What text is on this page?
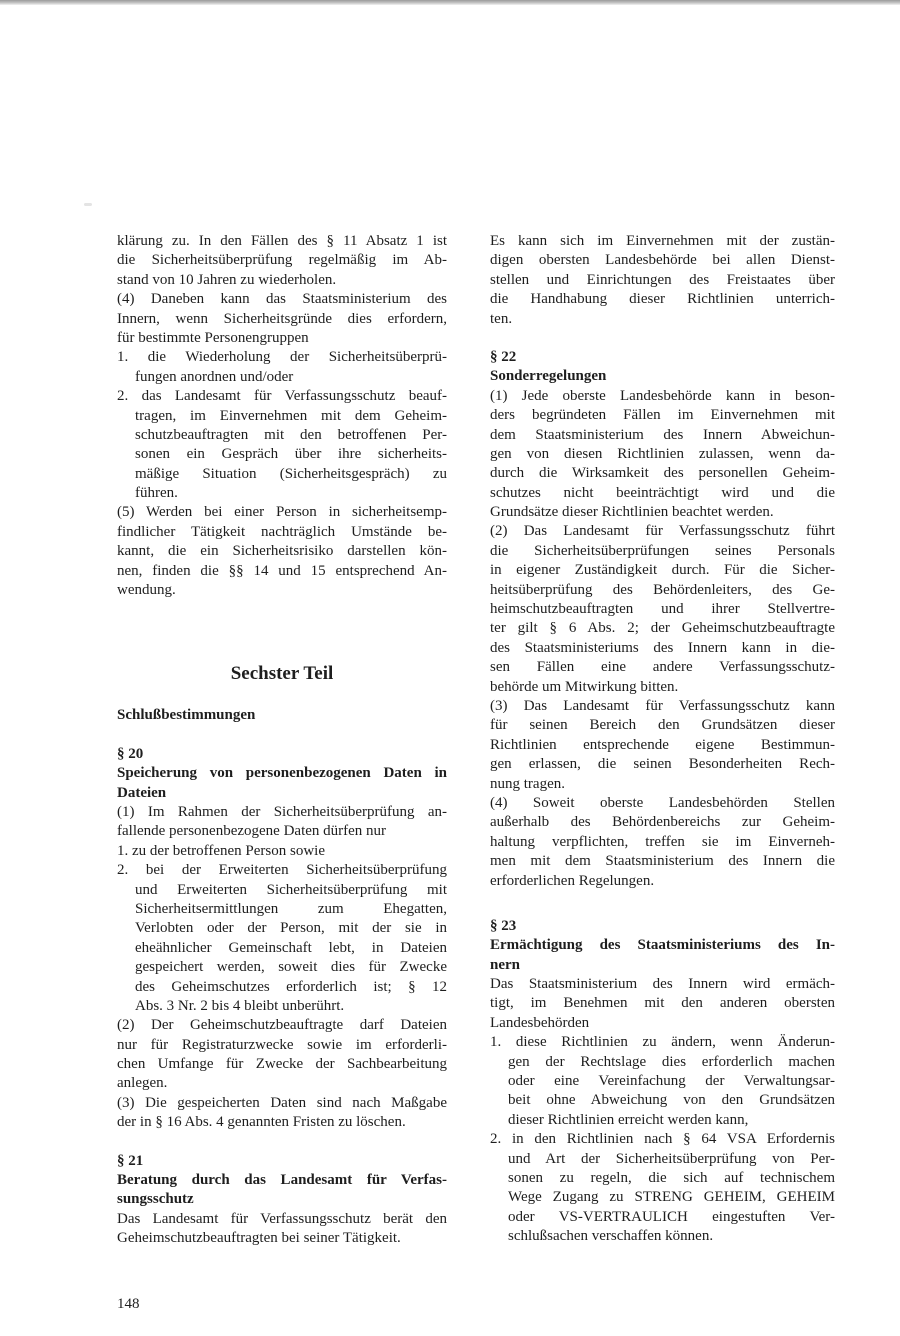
klärung zu. In den Fällen des § 11 Absatz 1 ist
die Sicherheitsüberprüfung regelmäßig im Ab-
stand von 10 Jahren zu wiederholen.
(4) Daneben kann das Staatsministerium des
Innern, wenn Sicherheitsgründe dies erfordern,
für bestimmte Personengruppen
1. die Wiederholung der Sicherheitsüberprü-
fungen anordnen und/oder
2. das Landesamt für Verfassungsschutz beauf-
tragen, im Einvernehmen mit dem Geheim-
schutzbeauftragten mit den betroffenen Per-
sonen ein Gespräch über ihre sicherheits-
mäßige Situation (Sicherheitsgespräch) zu
führen.
(5) Werden bei einer Person in sicherheitsemp-
findlicher Tätigkeit nachträglich Umstände be-
kannt, die ein Sicherheitsrisiko darstellen kön-
nen, finden die §§ 14 und 15 entsprechend An-
wendung.
Sechster Teil
Schlußbestimmungen
§ 20
Speicherung von personenbezogenen Daten in
Dateien
(1) Im Rahmen der Sicherheitsüberprüfung an-
fallende personenbezogene Daten dürfen nur
1. zu der betroffenen Person sowie
2. bei der Erweiterten Sicherheitsüberprüfung
und Erweiterten Sicherheitsüberprüfung mit
Sicherheitsermittlungen zum Ehegatten,
Verlobten oder der Person, mit der sie in
eheähnlicher Gemeinschaft lebt, in Dateien
gespeichert werden, soweit dies für Zwecke
des Geheimschutzes erforderlich ist; § 12
Abs. 3 Nr. 2 bis 4 bleibt unberührt.
(2) Der Geheimschutzbeauftragte darf Dateien
nur für Registraturzwecke sowie im erforderli-
chen Umfange für Zwecke der Sachbearbeitung
anlegen.
(3) Die gespeicherten Daten sind nach Maßgabe
der in § 16 Abs. 4 genannten Fristen zu löschen.
§ 21
Beratung durch das Landesamt für Verfas-
sungsschutz
Das Landesamt für Verfassungsschutz berät den
Geheimschutzbeauftragten bei seiner Tätigkeit.
Es kann sich im Einvernehmen mit der zustän-
digen obersten Landesbehörde bei allen Dienst-
stellen und Einrichtungen des Freistaates über
die Handhabung dieser Richtlinien unterrich-
ten.
§ 22
Sonderregelungen
(1) Jede oberste Landesbehörde kann in beson-
ders begründeten Fällen im Einvernehmen mit
dem Staatsministerium des Innern Abweichun-
gen von diesen Richtlinien zulassen, wenn da-
durch die Wirksamkeit des personellen Geheim-
schutzes nicht beeinträchtigt wird und die
Grundsätze dieser Richtlinien beachtet werden.
(2) Das Landesamt für Verfassungsschutz führt
die Sicherheitsüberprüfungen seines Personals
in eigener Zuständigkeit durch. Für die Sicher-
heitsüberprüfung des Behördenleiters, des Ge-
heimschutzbeauftragten und ihrer Stellvertre-
ter gilt § 6 Abs. 2; der Geheimschutzbeauftragte
des Staatsministeriums des Innern kann in die-
sen Fällen eine andere Verfassungsschutz-
behörde um Mitwirkung bitten.
(3) Das Landesamt für Verfassungsschutz kann
für seinen Bereich den Grundsätzen dieser
Richtlinien entsprechende eigene Bestimmun-
gen erlassen, die seinen Besonderheiten Rech-
nung tragen.
(4) Soweit oberste Landesbehörden Stellen
außerhalb des Behördenbereichs zur Geheim-
haltung verpflichten, treffen sie im Einverneh-
men mit dem Staatsministerium des Innern die
erforderlichen Regelungen.
§ 23
Ermächtigung des Staatsministeriums des In-
nern
Das Staatsministerium des Innern wird ermäch-
tigt, im Benehmen mit den anderen obersten
Landesbehörden
1. diese Richtlinien zu ändern, wenn Änderun-
gen der Rechtslage dies erforderlich machen
oder eine Vereinfachung der Verwaltungsar-
beit ohne Abweichung von den Grundsätzen
dieser Richtlinien erreicht werden kann,
2. in den Richtlinien nach § 64 VSA Erfordernis
und Art der Sicherheitsüberprüfung von Per-
sonen zu regeln, die sich auf technischem
Wege Zugang zu STRENG GEHEIM, GEHEIM
oder VS-VERTRAULICH eingestuften Ver-
schlußsachen verschaffen können.
148
